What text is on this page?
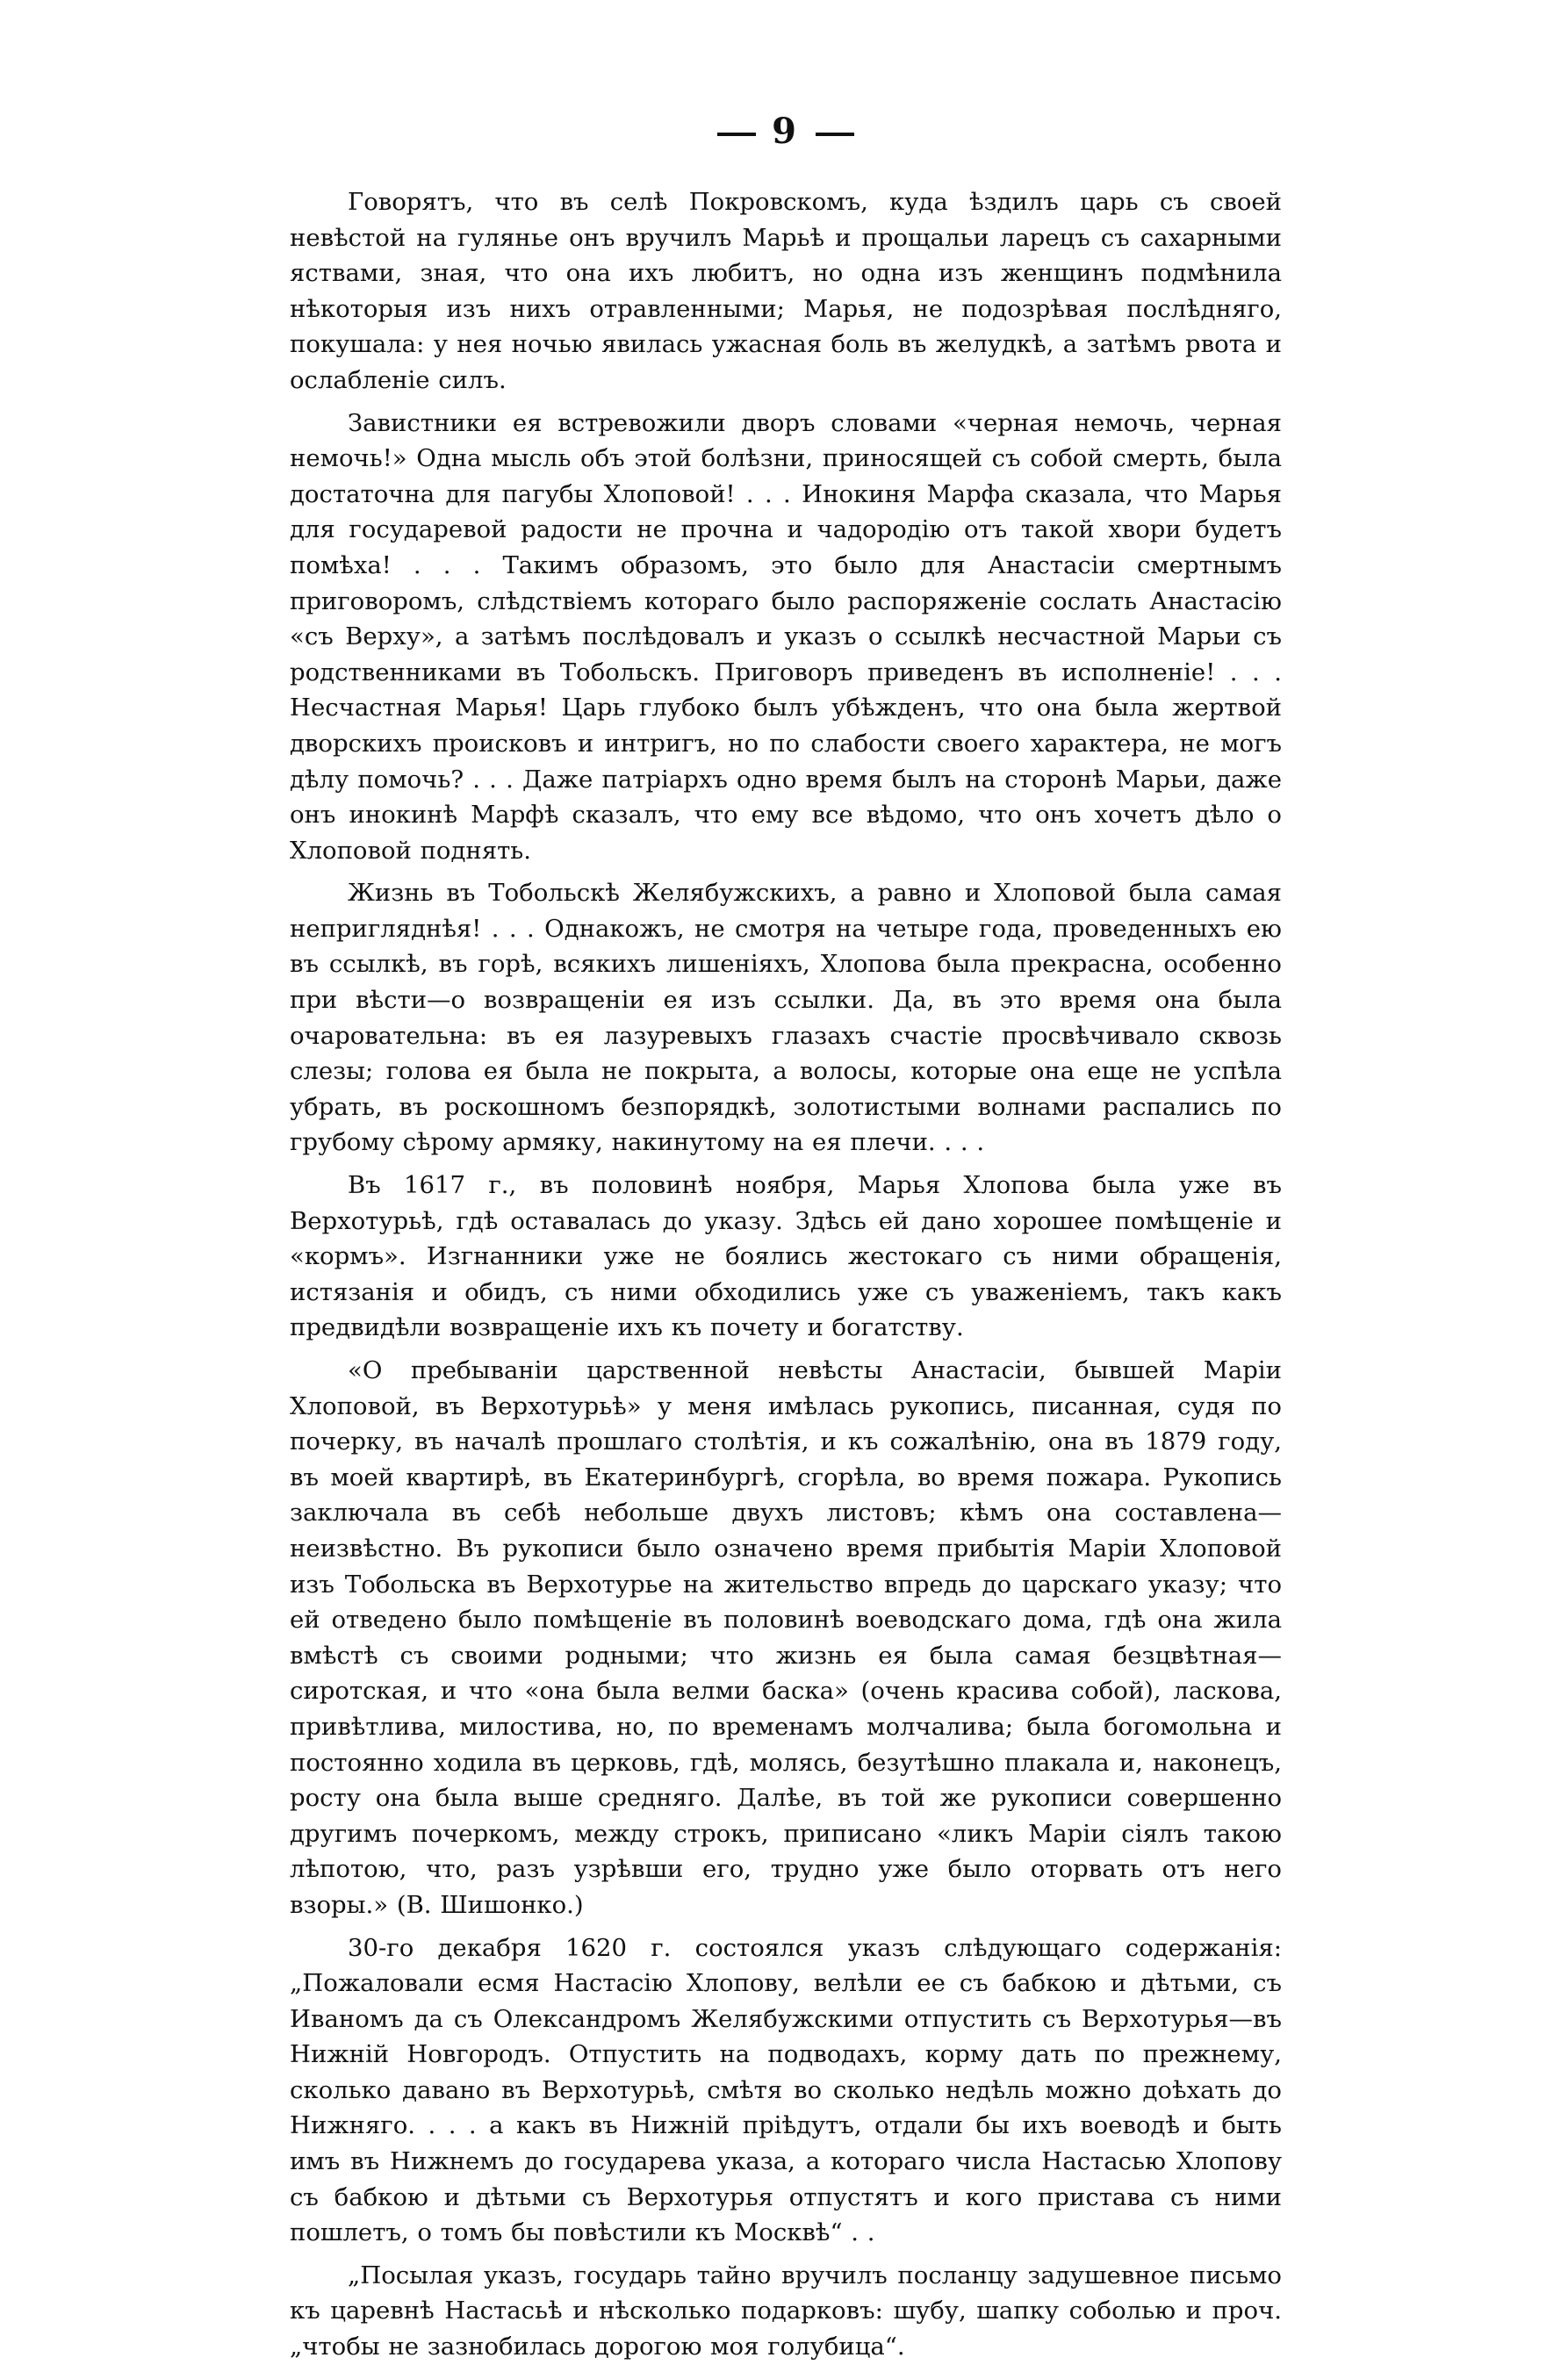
9

Говорятъ, что въ селѣ Покровскомъ, куда ѣздилъ царь съ своей невѣстой на гулянье онъ вручилъ Марьѣ и прощальи ларецъ съ сахарными яствами, зная, что она ихъ любитъ, но одна изъ женщинъ подмѣнила нѣкоторыя изъ нихъ отравленными; Марья, не подозрѣвая послѣдняго, покушала: у нея ночью явилась ужасная боль въ желудкѣ, а затѣмъ рвота и ослабленіе силъ.

Завистники ея встревожили дворъ словами «черная немочь, черная немочь!» Одна мысль объ этой болѣзни, приносящей съ собой смерть, была достаточна для пагубы Хлоповой! . . . Инокиня Марфа сказала, что Марья для государевой радости не прочна и чадородію отъ такой хвори будетъ помѣха! . . . Такимъ образомъ, это было для Анастасіи смертнымъ приговоромъ, слѣдствіемъ котораго было распоряженіе сослать Анастасію «съ Верху», а затѣмъ послѣдовалъ и указъ о ссылкѣ несчастной Марьи съ родственниками въ Тобольскъ. Приговоръ приведенъ въ исполненіе! . . . Несчастная Марья! Царь глубоко былъ убѣжденъ, что она была жертвой дворскихъ происковъ и интригъ, но по слабости своего характера, не могъ дѣлу помочь? . . . Даже патріархъ одно время былъ на сторонѣ Марьи, даже онъ инокинѣ Марфѣ сказалъ, что ему все вѣдомо, что онъ хочетъ дѣло о Хлоповой поднять.

Жизнь въ Тобольскѣ Желябужскихъ, а равно и Хлоповой была самая непригляднѣя! . . . Однакожъ, не смотря на четыре года, проведенныхъ ею въ ссылкѣ, въ горѣ, всякихъ лишеніяхъ, Хлопова была прекрасна, особенно при вѣсти—о возвращеніи ея изъ ссылки. Да, въ это время она была очаровательна: въ ея лазуревыхъ глазахъ счастіе просвѣчивало сквозь слезы; голова ея была не покрыта, а волосы, которые она еще не успѣла убрать, въ роскошномъ безпорядкѣ, золотистыми волнами распались по грубому сѣрому армяку, накинутому на ея плечи. . . .

Въ 1617 г., въ половинѣ ноября, Марья Хлопова была уже въ Верхотурьѣ, гдѣ оставалась до указу. Здѣсь ей дано хорошее помѣщеніе и «кормъ». Изгнанники уже не боялись жестокаго съ ними обращенія, истязанія и обидъ, съ ними обходились уже съ уваженіемъ, такъ какъ предвидѣли возвращеніе ихъ къ почету и богатству.

«О пребываніи царственной невѣсты Анастасіи, бывшей Маріи Хлоповой, въ Верхотурьѣ» у меня имѣлась рукопись, писанная, судя по почерку, въ началѣ прошлаго столѣтія, и къ сожалѣнію, она въ 1879 году, въ моей квартирѣ, въ Екатеринбургѣ, сгорѣла, во время пожара. Рукопись заключала въ себѣ небольше двухъ листовъ; кѣмъ она составлена—неизвѣстно. Въ рукописи было означено время прибытія Маріи Хлоповой изъ Тобольска въ Верхотурье на жительство впредь до царскаго указу; что ей отведено было помѣщеніе въ половинѣ воеводскаго дома, гдѣ она жила вмѣстѣ съ своими родными; что жизнь ея была самая безцвѣтная—сиротская, и что «она была велми баска» (очень красива собой), ласкова, привѣтлива, милостива, но, по временамъ молчалива; была богомольна и постоянно ходила въ церковь, гдѣ, молясь, безутѣшно плакала и, наконецъ, росту она была выше средняго. Далѣе, въ той же рукописи совершенно другимъ почеркомъ, между строкъ, приписано «ликъ Маріи сіялъ такою лѣпотою, что, разъ узрѣвши его, трудно уже было оторвать отъ него взоры.» (В. Шишонко.)

30-го декабря 1620 г. состоялся указъ слѣдующаго содержанія: „Пожаловали есмя Настасію Хлопову, велѣли ее съ бабкою и дѣтьми, съ Иваномъ да съ Олександромъ Желябужскими отпустить съ Верхотурья—въ Нижній Новгородъ. Отпустить на подводахъ, корму дать по прежнему, сколько давано въ Верхотурьѣ, смѣтя во сколько недѣль можно доѣхать до Нижняго. . . . а какъ въ Нижній пріѣдутъ, отдали бы ихъ воеводѣ и быть имъ въ Нижнемъ до государева указа, а котораго числа Настасью Хлопову съ бабкою и дѣтьми съ Верхотурья отпустятъ и кого пристава съ ними пошлетъ, о томъ бы повѣстили къ Москвѣ“ . .

„Посылая указъ, государь тайно вручилъ посланцу задушевное письмо къ царевнѣ Настасьѣ и нѣсколько подарковъ: шубу, шапку соболью и проч. „чтобы не зазнобилась дорогою моя голубица“.
